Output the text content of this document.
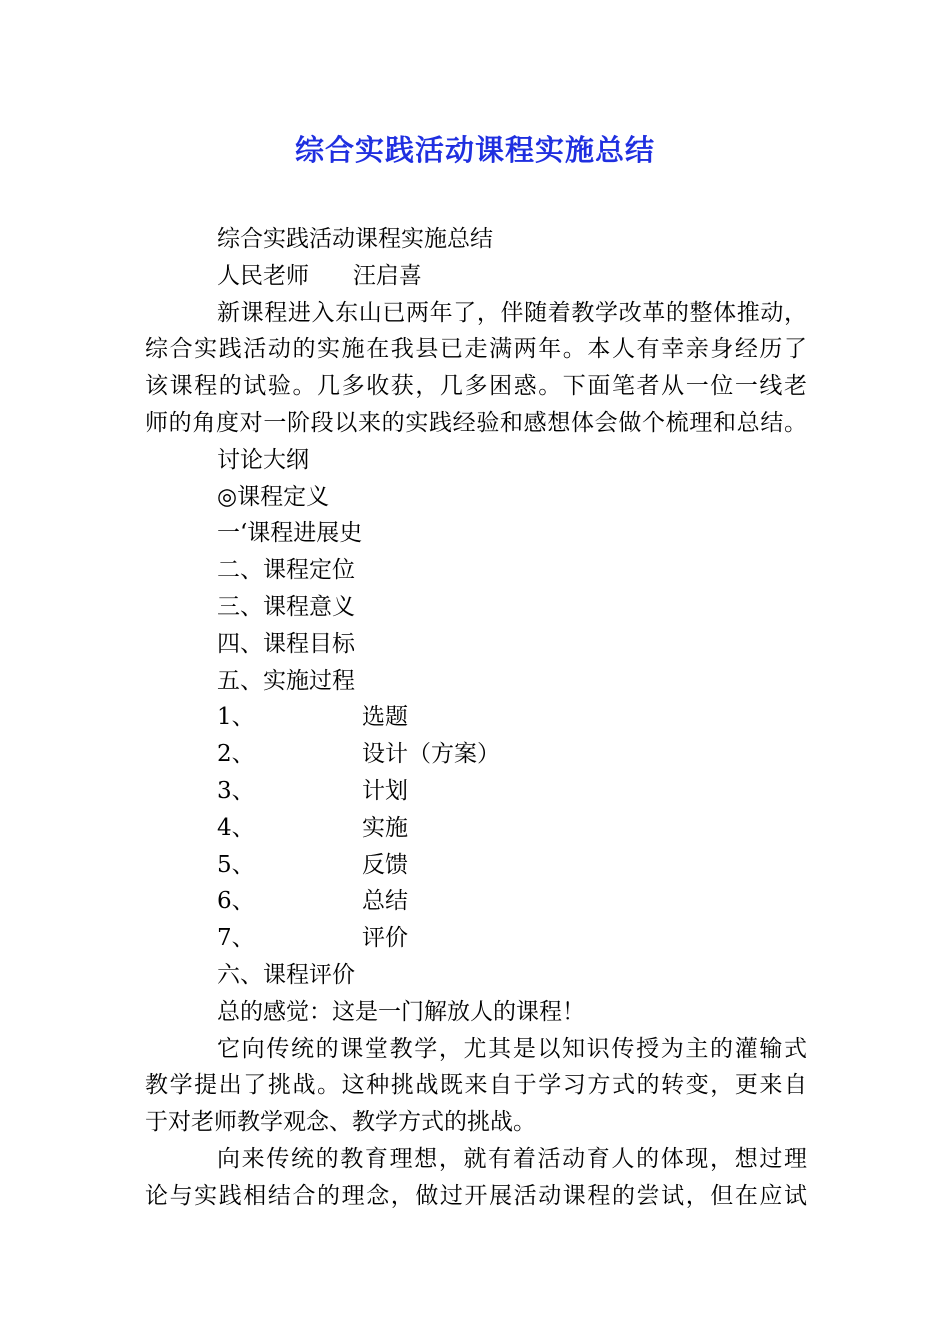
综合实践活动课程实施总结
综合实践活动课程实施总结
人民老师      汪启喜
新课程进入东山已两年了，伴随着教学改革的整体推动，
综合实践活动的实施在我县已走满两年。本人有幸亲身经历了
该课程的试验。几多收获，几多困惑。下面笔者从一位一线老
师的角度对一阶段以来的实践经验和感想体会做个梳理和总结。
讨论大纲
◎课程定义
一‘课程进展史
二、课程定位
三、课程意义
四、课程目标
五、实施过程
1、	选题
2、	设计（方案）
3、	计划
4、	实施
5、	反馈
6、	总结
7、	评价
六、课程评价
总的感觉：这是一门解放人的课程！
它向传统的课堂教学，尤其是以知识传授为主的灌输式
教学提出了挑战。这种挑战既来自于学习方式的转变，更来自
于对老师教学观念、教学方式的挑战。
向来传统的教育理想，就有着活动育人的体现，想过理
论与实践相结合的理念，做过开展活动课程的尝试，但在应试
